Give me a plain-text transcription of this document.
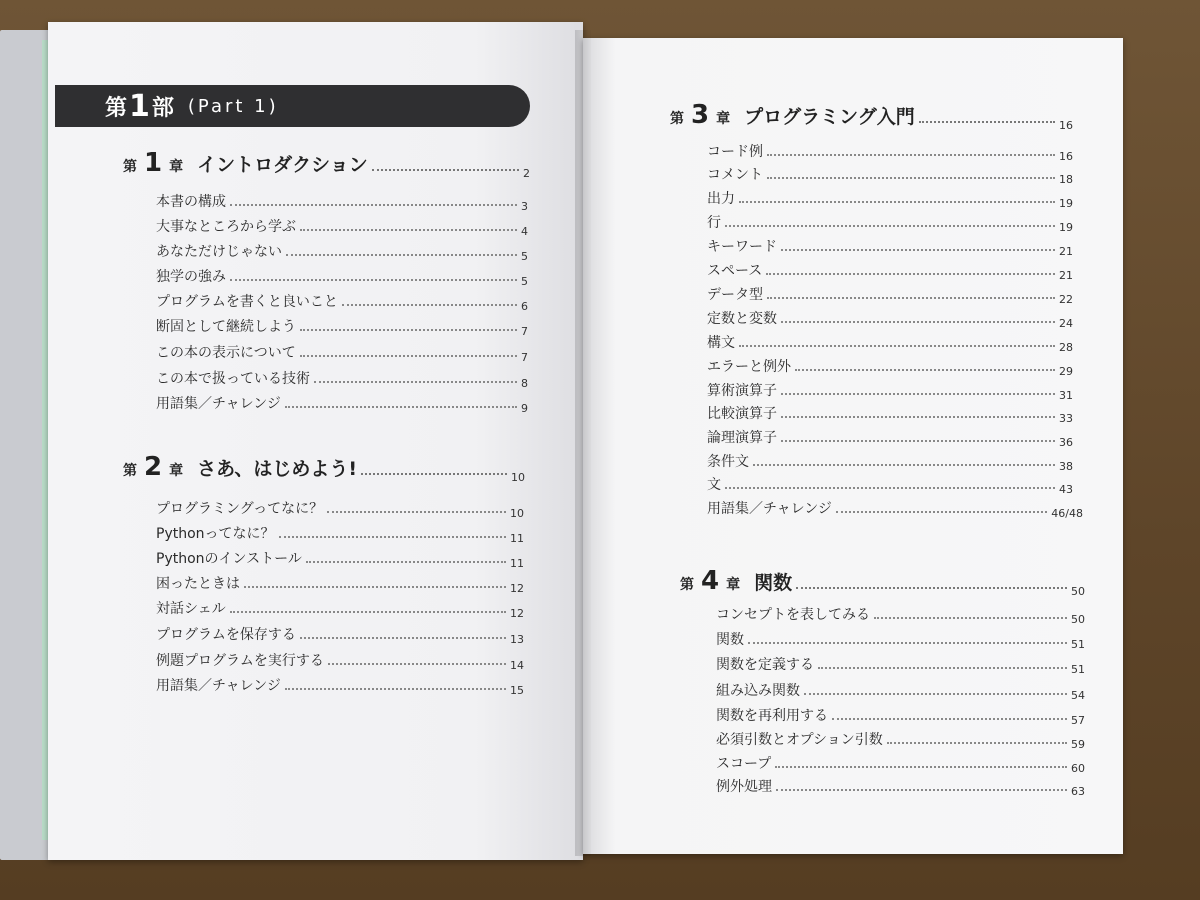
第 1 部 (Part 1)
第 1 章 イントロダクション	2
本書の構成	3
大事なところから学ぶ	4
あなただけじゃない	5
独学の強み	5
プログラムを書くと良いこと	6
断固として継続しよう	7
この本の表示について	7
この本で扱っている技術	8
用語集／チャレンジ	9
第 2 章 さあ、はじめよう!	10
プログラミングってなに？	10
Pythonってなに？	11
Pythonのインストール	11
困ったときは	12
対話シェル	12
プログラムを保存する	13
例題プログラムを実行する	14
用語集／チャレンジ	15
第 3 章 プログラミング入門	16
コード例	16
コメント	18
出力	19
行	19
キーワード	21
スペース	21
データ型	22
定数と変数	24
構文	28
エラーと例外	29
算術演算子	31
比較演算子	33
論理演算子	36
条件文	38
文	43
用語集／チャレンジ	46/48
第 4 章 関数	50
コンセプトを表してみる	50
関数	51
関数を定義する	51
組み込み関数	54
関数を再利用する	57
必須引数とオプション引数	59
スコープ	60
例外処理	63
